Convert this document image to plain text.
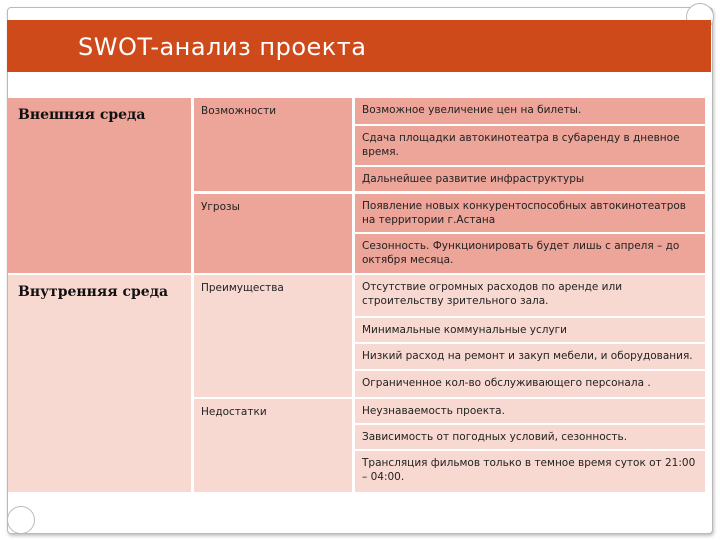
SWOT-анализ проекта
Внешняя среда	Возможности	Возможное увеличение цен на билеты.
Сдача площадки автокинотеатра в субаренду в дневное время.
Дальнейшее развитие инфраструктуры
Угрозы	Появление новых конкурентоспособных автокинотеатров на территории г.Астана
Сезонность. Функционировать будет лишь с апреля – до октября месяца.
Внутренняя среда	Преимущества	Отсутствие огромных расходов по аренде или строительству зрительного зала.
Минимальные коммунальные услуги
Низкий расход на ремонт и закуп мебели, и оборудования.
Ограниченное кол-во обслуживающего персонала .
Недостатки	Неузнаваемость проекта.
Зависимость от погодных условий, сезонность.
Трансляция фильмов только в темное время суток от 21:00 – 04:00.
